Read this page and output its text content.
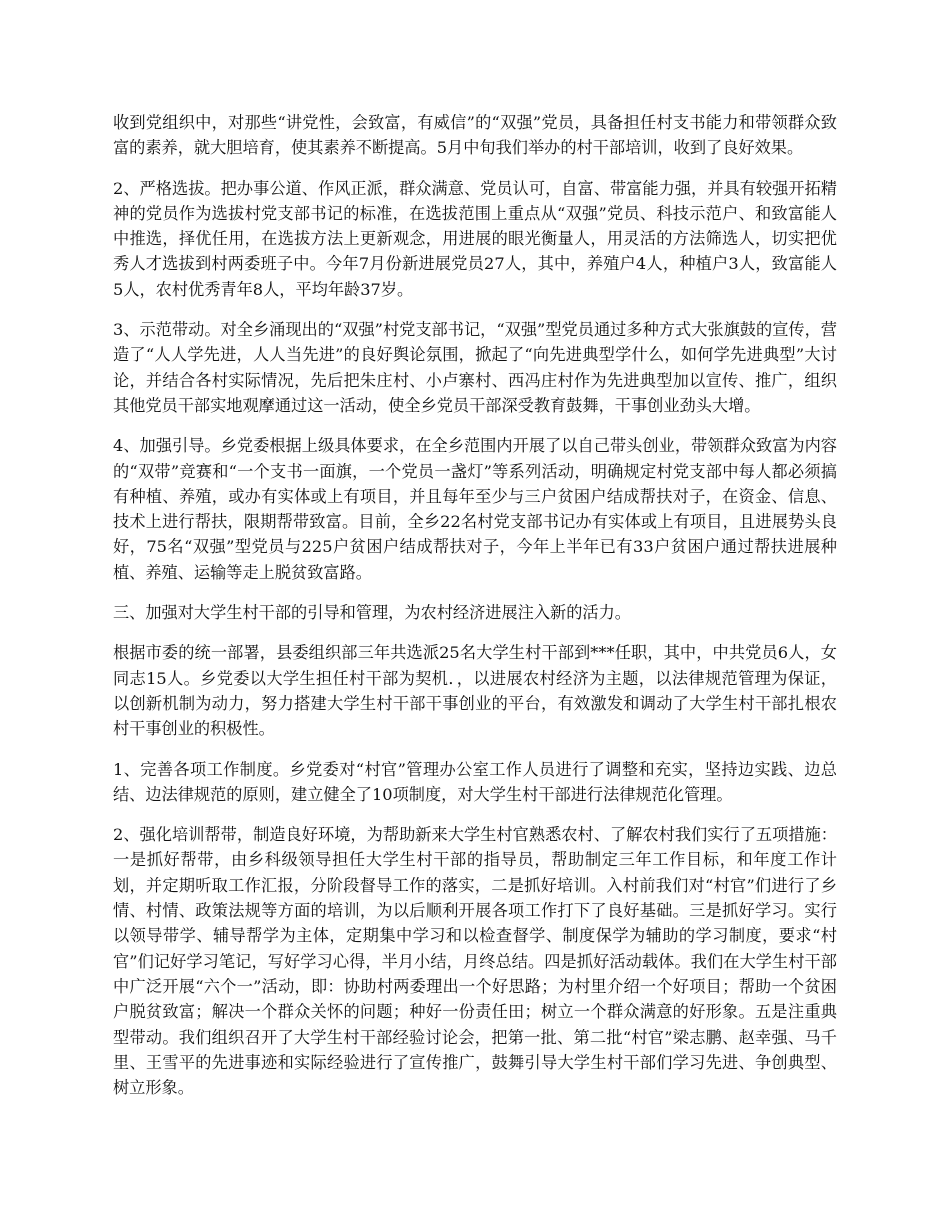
收到党组织中，对那些“讲党性，会致富，有威信”的“双强”党员，具备担任村支书能力和带领群众致富的素养，就大胆培育，使其素养不断提高。5月中旬我们举办的村干部培训，收到了良好效果。

2、严格选拔。把办事公道、作风正派，群众满意、党员认可，自富、带富能力强，并具有较强开拓精神的党员作为选拔村党支部书记的标准，在选拔范围上重点从“双强”党员、科技示范户、和致富能人中推选，择优任用，在选拔方法上更新观念，用进展的眼光衡量人，用灵活的方法筛选人，切实把优秀人才选拔到村两委班子中。今年7月份新进展党员27人，其中，养殖户4人，种植户3人，致富能人5人，农村优秀青年8人，平均年龄37岁。

3、示范带动。对全乡涌现出的“双强”村党支部书记，“双强”型党员通过多种方式大张旗鼓的宣传，营造了“人人学先进，人人当先进”的良好舆论氛围，掀起了“向先进典型学什么，如何学先进典型”大讨论，并结合各村实际情况，先后把朱庄村、小卢寨村、西冯庄村作为先进典型加以宣传、推广，组织其他党员干部实地观摩通过这一活动，使全乡党员干部深受教育鼓舞，干事创业劲头大增。

4、加强引导。乡党委根据上级具体要求，在全乡范围内开展了以自己带头创业，带领群众致富为内容的“双带”竞赛和“一个支书一面旗，一个党员一盏灯”等系列活动，明确规定村党支部中每人都必须搞有种植、养殖，或办有实体或上有项目，并且每年至少与三户贫困户结成帮扶对子，在资金、信息、技术上进行帮扶，限期帮带致富。目前，全乡22名村党支部书记办有实体或上有项目，且进展势头良好，75名“双强”型党员与225户贫困户结成帮扶对子，今年上半年已有33户贫困户通过帮扶进展种植、养殖、运输等走上脱贫致富路。

三、加强对大学生村干部的引导和管理，为农村经济进展注入新的活力。

根据市委的统一部署，县委组织部三年共选派25名大学生村干部到***任职，其中，中共党员6人，女同志15人。乡党委以大学生担任村干部为契机．，以进展农村经济为主题，以法律规范管理为保证，以创新机制为动力，努力搭建大学生村干部干事创业的平台，有效激发和调动了大学生村干部扎根农村干事创业的积极性。

1、完善各项工作制度。乡党委对“村官”管理办公室工作人员进行了调整和充实，坚持边实践、边总结、边法律规范的原则，建立健全了10项制度，对大学生村干部进行法律规范化管理。

2、强化培训帮带，制造良好环境，为帮助新来大学生村官熟悉农村、了解农村我们实行了五项措施：一是抓好帮带，由乡科级领导担任大学生村干部的指导员，帮助制定三年工作目标，和年度工作计划，并定期听取工作汇报，分阶段督导工作的落实，二是抓好培训。入村前我们对“村官”们进行了乡情、村情、政策法规等方面的培训，为以后顺利开展各项工作打下了良好基础。三是抓好学习。实行以领导带学、辅导帮学为主体，定期集中学习和以检查督学、制度保学为辅助的学习制度，要求“村官”们记好学习笔记，写好学习心得，半月小结，月终总结。四是抓好活动载体。我们在大学生村干部中广泛开展“六个一”活动，即：协助村两委理出一个好思路；为村里介绍一个好项目；帮助一个贫困户脱贫致富；解决一个群众关怀的问题；种好一份责任田；树立一个群众满意的好形象。五是注重典型带动。我们组织召开了大学生村干部经验讨论会，把第一批、第二批“村官”梁志鹏、赵幸强、马千里、王雪平的先进事迹和实际经验进行了宣传推广，鼓舞引导大学生村干部们学习先进、争创典型、树立形象。
